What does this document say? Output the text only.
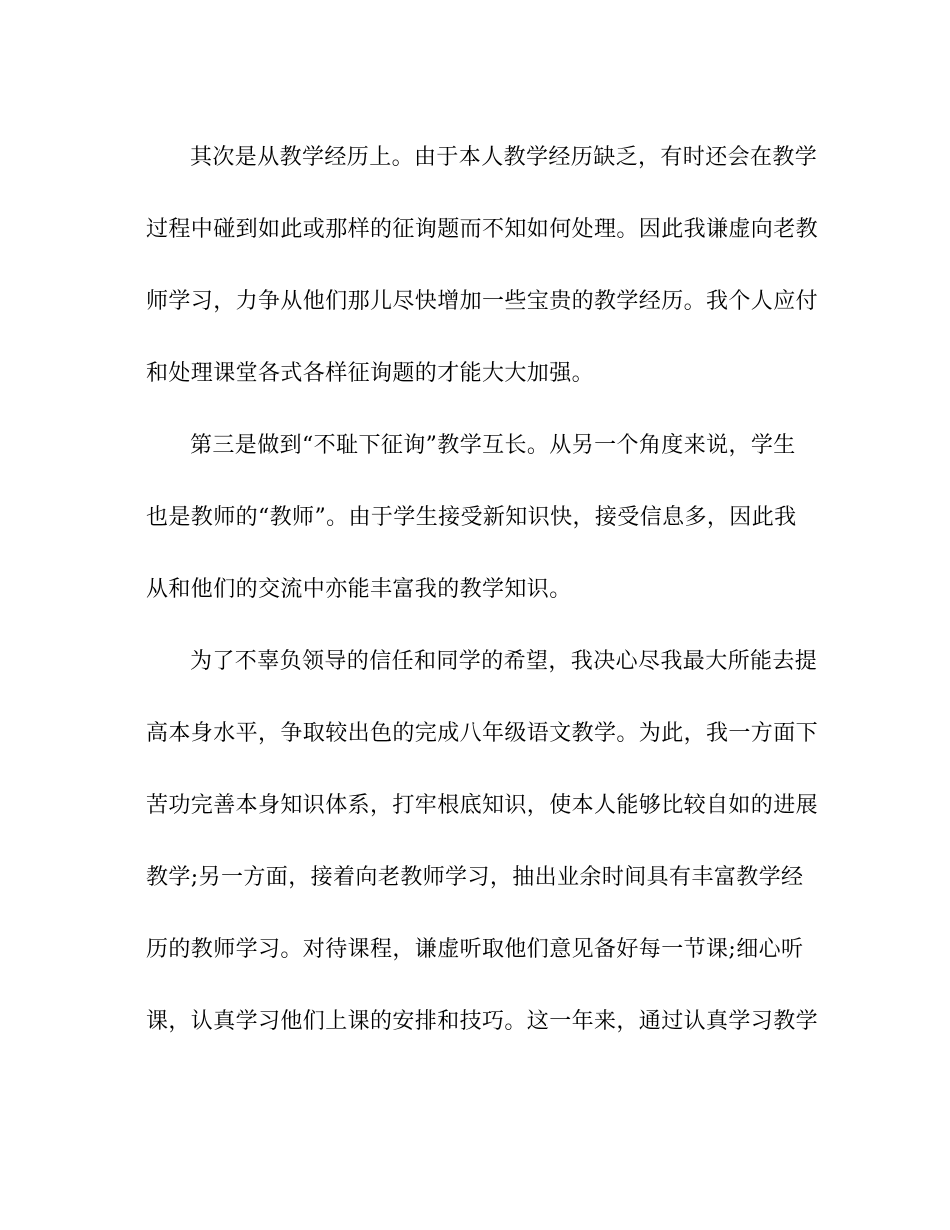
其次是从教学经历上。由于本人教学经历缺乏，有时还会在教学
过程中碰到如此或那样的征询题而不知如何处理。因此我谦虚向老教
师学习，力争从他们那儿尽快增加一些宝贵的教学经历。我个人应付
和处理课堂各式各样征询题的才能大大加强。
第三是做到“不耻下征询”教学互长。从另一个角度来说，学生
也是教师的“教师”。由于学生接受新知识快，接受信息多，因此我
从和他们的交流中亦能丰富我的教学知识。
为了不辜负领导的信任和同学的希望，我决心尽我最大所能去提
高本身水平，争取较出色的完成八年级语文教学。为此，我一方面下
苦功完善本身知识体系，打牢根底知识，使本人能够比较自如的进展
教学;另一方面，接着向老教师学习，抽出业余时间具有丰富教学经
历的教师学习。对待课程，谦虚听取他们意见备好每一节课;细心听
课，认真学习他们上课的安排和技巧。这一年来，通过认真学习教学
